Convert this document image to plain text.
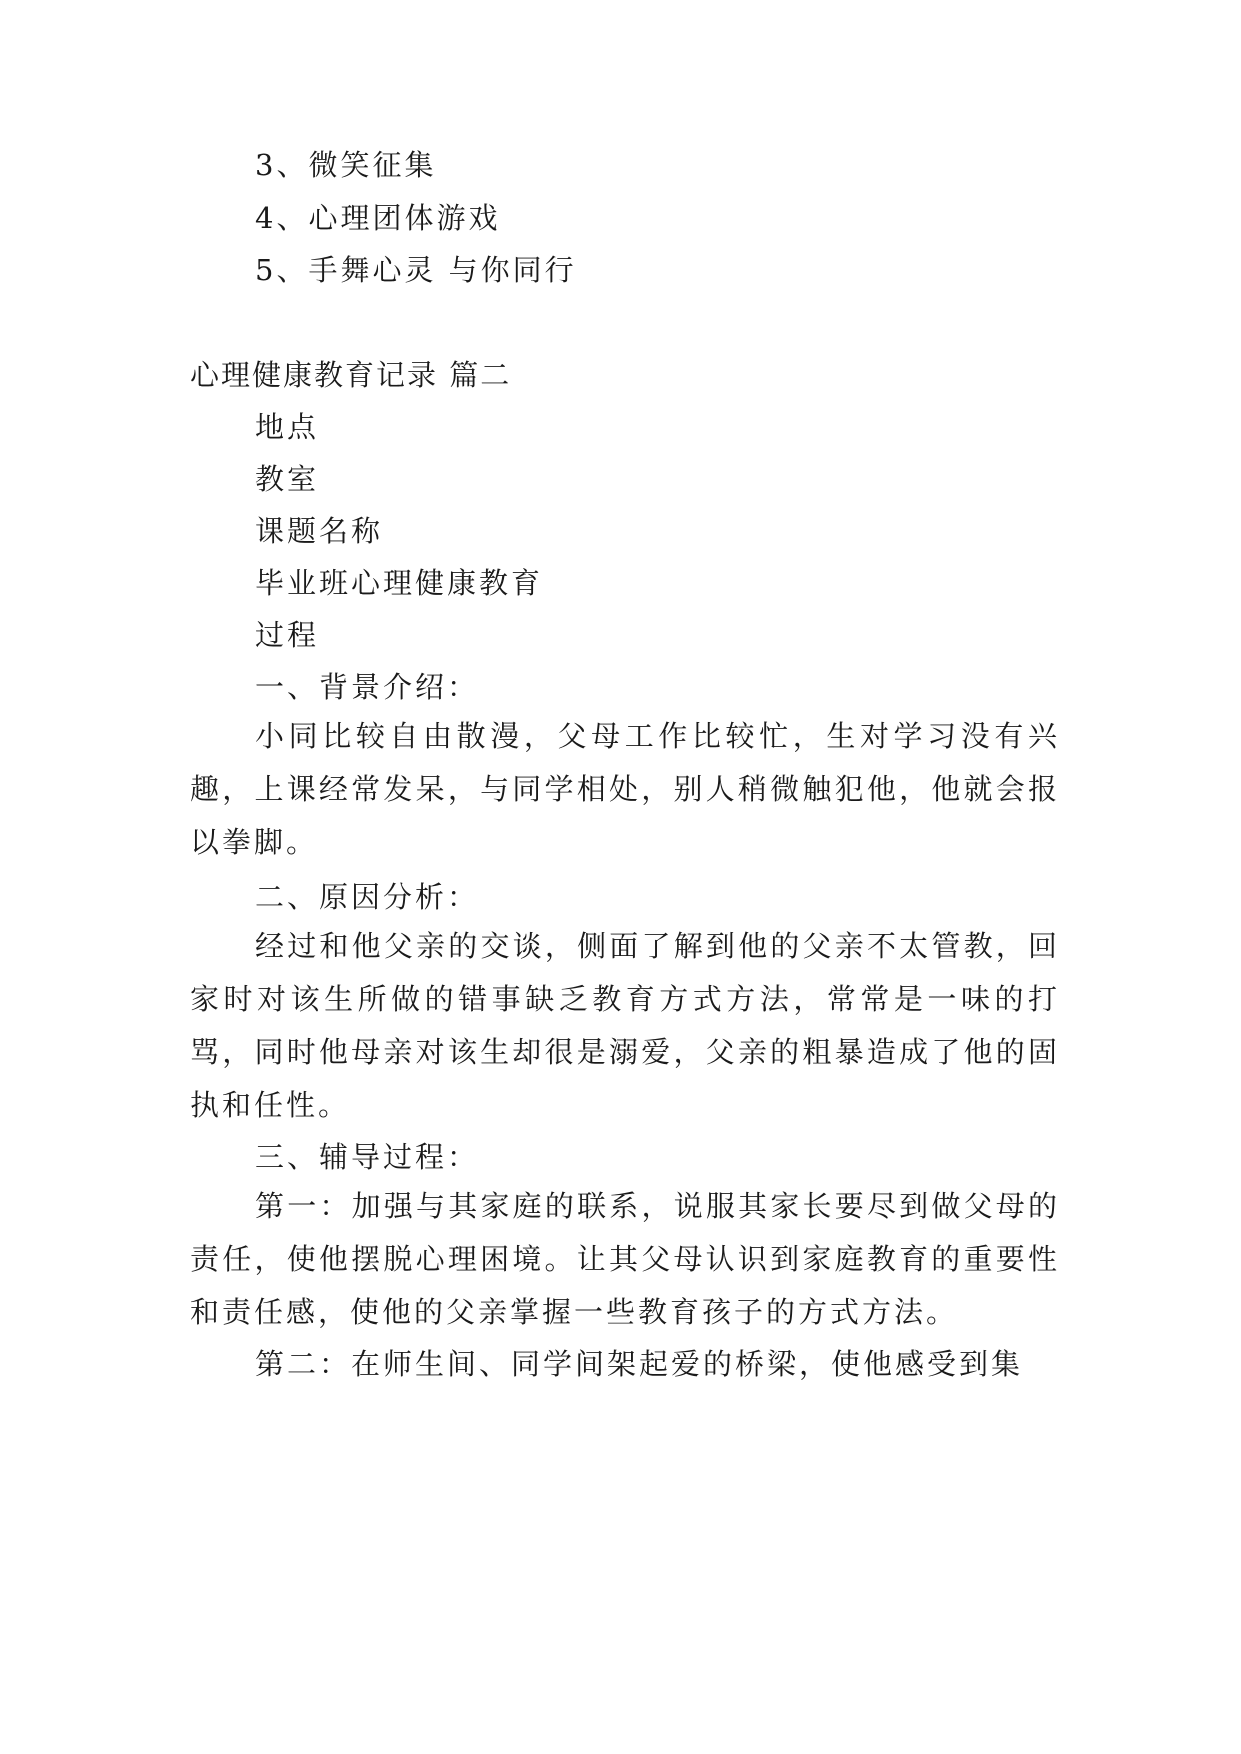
3、微笑征集
4、心理团体游戏
5、手舞心灵 与你同行
心理健康教育记录 篇二
地点
教室
课题名称
毕业班心理健康教育
过程
一、背景介绍：
小同比较自由散漫，父母工作比较忙，生对学习没有兴趣，上课经常发呆，与同学相处，别人稍微触犯他，他就会报以拳脚。
二、原因分析：
经过和他父亲的交谈，侧面了解到他的父亲不太管教，回家时对该生所做的错事缺乏教育方式方法，常常是一味的打骂，同时他母亲对该生却很是溺爱，父亲的粗暴造成了他的固执和任性。
三、辅导过程：
第一：加强与其家庭的联系，说服其家长要尽到做父母的责任，使他摆脱心理困境。让其父母认识到家庭教育的重要性和责任感，使他的父亲掌握一些教育孩子的方式方法。
第二：在师生间、同学间架起爱的桥梁，使他感受到集
